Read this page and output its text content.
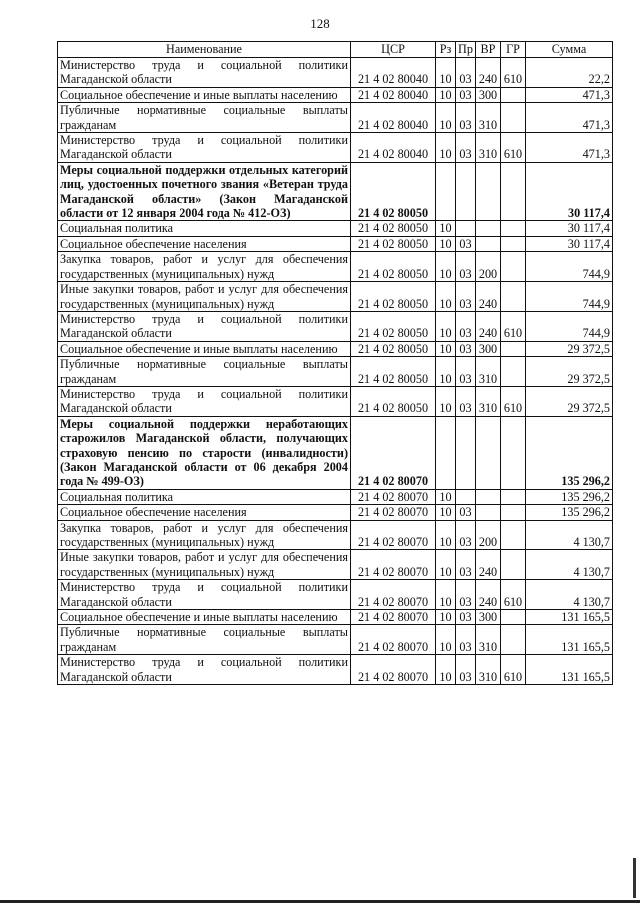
128
Наименование	ЦСР	Рз	Пр	ВР	ГР	Сумма
Министерство труда и социальной политики Магаданской области	21 4 02 80040	10	03	240	610	22,2
Социальное обеспечение и иные выплаты населению	21 4 02 80040	10	03	300		471,3
Публичные нормативные социальные выплаты гражданам	21 4 02 80040	10	03	310		471,3
Министерство труда и социальной политики Магаданской области	21 4 02 80040	10	03	310	610	471,3
Меры социальной поддержки отдельных категорий лиц, удостоенных почетного звания «Ветеран труда Магаданской области» (Закон Магаданской области от 12 января 2004 года № 412-ОЗ)	21 4 02 80050					30 117,4
Социальная политика	21 4 02 80050	10				30 117,4
Социальное обеспечение населения	21 4 02 80050	10	03			30 117,4
Закупка товаров, работ и услуг для обеспечения государственных (муниципальных) нужд	21 4 02 80050	10	03	200		744,9
Иные закупки товаров, работ и услуг для обеспечения государственных (муниципальных) нужд	21 4 02 80050	10	03	240		744,9
Министерство труда и социальной политики Магаданской области	21 4 02 80050	10	03	240	610	744,9
Социальное обеспечение и иные выплаты населению	21 4 02 80050	10	03	300		29 372,5
Публичные нормативные социальные выплаты гражданам	21 4 02 80050	10	03	310		29 372,5
Министерство труда и социальной политики Магаданской области	21 4 02 80050	10	03	310	610	29 372,5
Меры социальной поддержки неработающих старожилов Магаданской области, получающих страховую пенсию по старости (инвалидности) (Закон Магаданской области от 06 декабря 2004 года № 499-ОЗ)	21 4 02 80070					135 296,2
Социальная политика	21 4 02 80070	10				135 296,2
Социальное обеспечение населения	21 4 02 80070	10	03			135 296,2
Закупка товаров, работ и услуг для обеспечения государственных (муниципальных) нужд	21 4 02 80070	10	03	200		4 130,7
Иные закупки товаров, работ и услуг для обеспечения государственных (муниципальных) нужд	21 4 02 80070	10	03	240		4 130,7
Министерство труда и социальной политики Магаданской области	21 4 02 80070	10	03	240	610	4 130,7
Социальное обеспечение и иные выплаты населению	21 4 02 80070	10	03	300		131 165,5
Публичные нормативные социальные выплаты гражданам	21 4 02 80070	10	03	310		131 165,5
Министерство труда и социальной политики Магаданской области	21 4 02 80070	10	03	310	610	131 165,5
